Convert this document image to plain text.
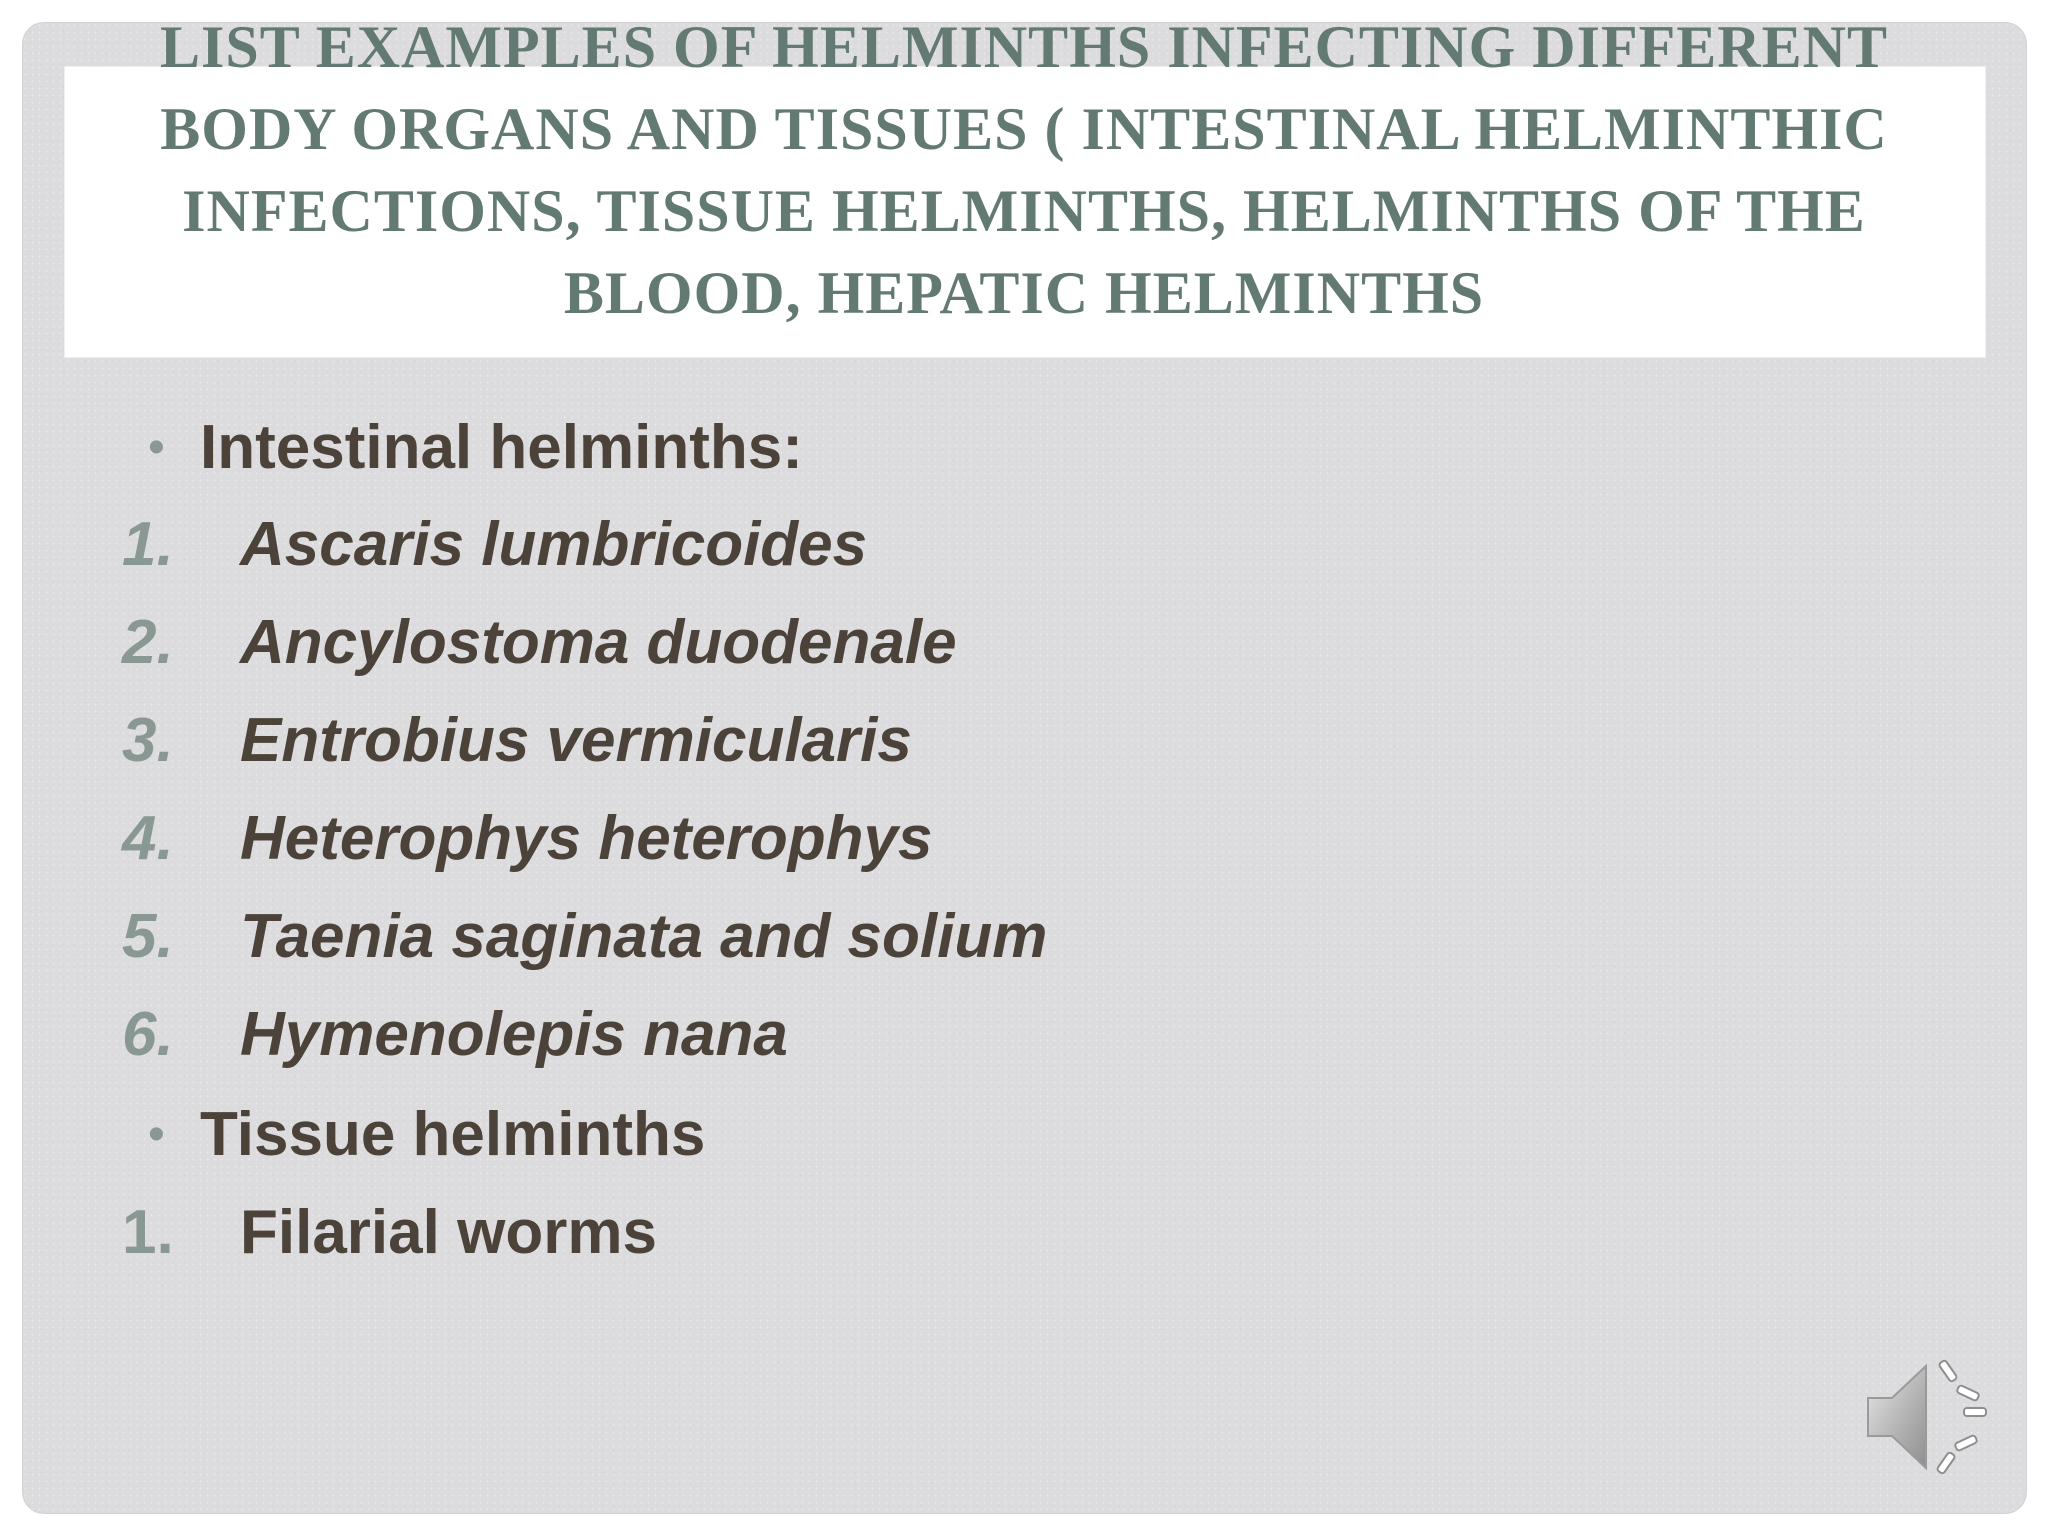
LIST EXAMPLES OF HELMINTHS INFECTING DIFFERENT BODY ORGANS AND TISSUES ( INTESTINAL HELMINTHIC INFECTIONS, TISSUE HELMINTHS, HELMINTHS OF THE BLOOD, HEPATIC HELMINTHS
• Intestinal helminths:
1. Ascaris lumbricoides
2. Ancylostoma duodenale
3. Entrobius vermicularis
4. Heterophys heterophys
5. Taenia saginata and solium
6. Hymenolepis nana
• Tissue helminths
1. Filarial worms
